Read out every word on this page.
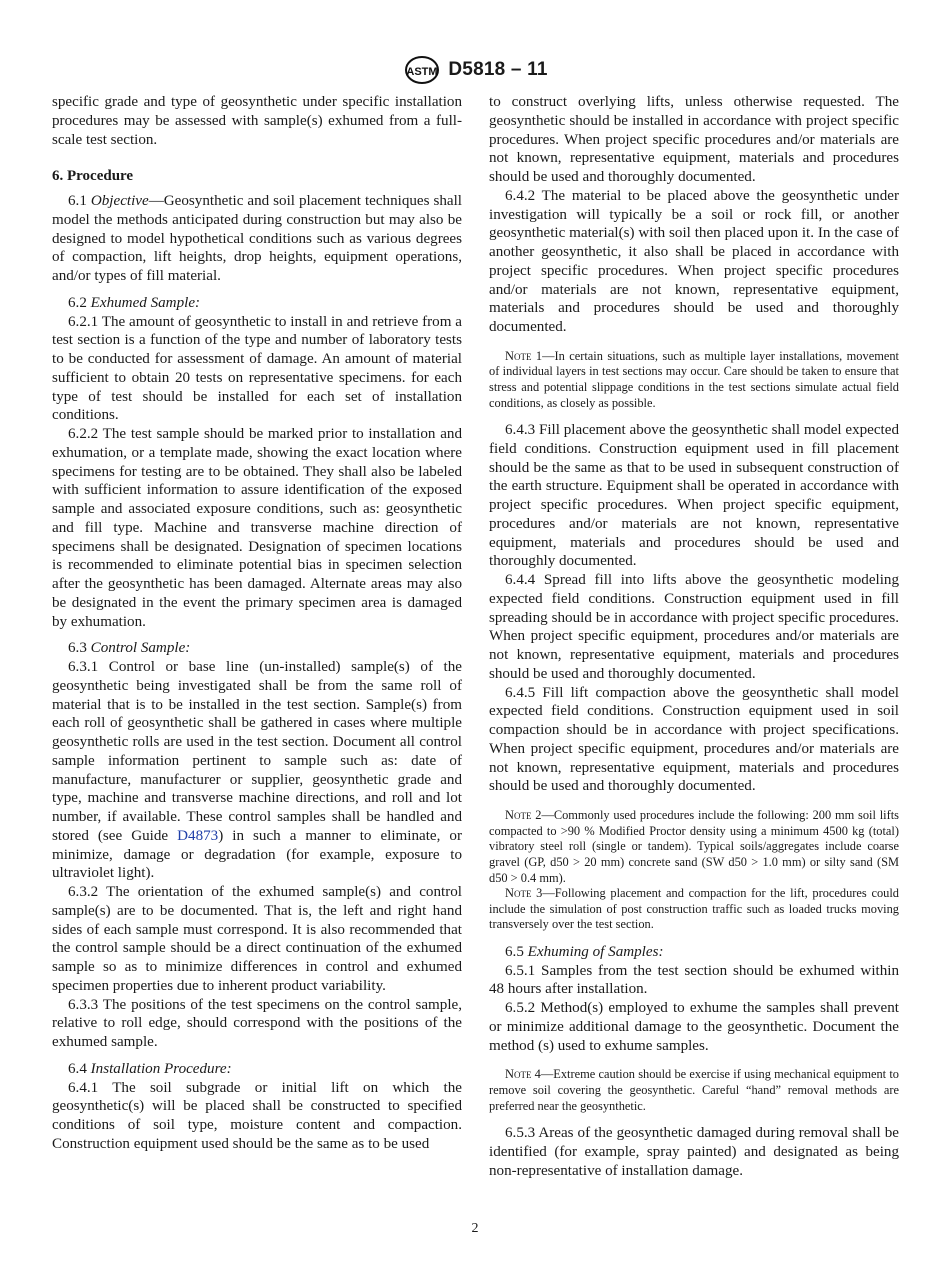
ASTM D5818 – 11

specific grade and type of geosynthetic under specific installation procedures may be assessed with sample(s) exhumed from a full-scale test section.

6. Procedure

6.1 Objective—Geosynthetic and soil placement techniques shall model the methods anticipated during construction but may also be designed to model hypothetical conditions such as various degrees of compaction, lift heights, drop heights, equipment operations, and/or types of fill material.

6.2 Exhumed Sample:

6.2.1 The amount of geosynthetic to install in and retrieve from a test section is a function of the type and number of laboratory tests to be conducted for assessment of damage. An amount of material sufficient to obtain 20 tests on representative specimens. for each type of test should be installed for each set of installation conditions.

6.2.2 The test sample should be marked prior to installation and exhumation, or a template made, showing the exact location where specimens for testing are to be obtained. They shall also be labeled with sufficient information to assure identification of the exposed sample and associated exposure conditions, such as: geosynthetic and fill type. Machine and transverse machine direction of specimens shall be designated. Designation of specimen locations is recommended to eliminate potential bias in specimen selection after the geosynthetic has been damaged. Alternate areas may also be designated in the event the primary specimen area is damaged by exhumation.

6.3 Control Sample:

6.3.1 Control or base line (un-installed) sample(s) of the geosynthetic being investigated shall be from the same roll of material that is to be installed in the test section. Sample(s) from each roll of geosynthetic shall be gathered in cases where multiple geosynthetic rolls are used in the test section. Document all control sample information pertinent to sample such as: date of manufacture, manufacturer or supplier, geosynthetic grade and type, machine and transverse machine directions, and roll and lot number, if available. These control samples shall be handled and stored (see Guide D4873) in such a manner to eliminate, or minimize, damage or degradation (for example, exposure to ultraviolet light).

6.3.2 The orientation of the exhumed sample(s) and control sample(s) are to be documented. That is, the left and right hand sides of each sample must correspond. It is also recommended that the control sample should be a direct continuation of the exhumed sample so as to minimize differences in control and exhumed specimen properties due to inherent product variability.

6.3.3 The positions of the test specimens on the control sample, relative to roll edge, should correspond with the positions of the exhumed sample.

6.4 Installation Procedure:

6.4.1 The soil subgrade or initial lift on which the geosynthetic(s) will be placed shall be constructed to specified conditions of soil type, moisture content and compaction. Construction equipment used should be the same as to be used

to construct overlying lifts, unless otherwise requested. The geosynthetic should be installed in accordance with project specific procedures. When project specific procedures and/or materials are not known, representative equipment, materials and procedures should be used and thoroughly documented.

6.4.2 The material to be placed above the geosynthetic under investigation will typically be a soil or rock fill, or another geosynthetic material(s) with soil then placed upon it. In the case of another geosynthetic, it also shall be placed in accordance with project specific procedures. When project specific procedures and/or materials are not known, representative equipment, materials and procedures should be used and thoroughly documented.

Note 1—In certain situations, such as multiple layer installations, movement of individual layers in test sections may occur. Care should be taken to ensure that stress and potential slippage conditions in the test sections simulate actual field conditions, as closely as possible.

6.4.3 Fill placement above the geosynthetic shall model expected field conditions. Construction equipment used in fill placement should be the same as that to be used in subsequent construction of the earth structure. Equipment shall be operated in accordance with project specific procedures. When project specific equipment, procedures and/or materials are not known, representative equipment, materials and procedures should be used and thoroughly documented.

6.4.4 Spread fill into lifts above the geosynthetic modeling expected field conditions. Construction equipment used in fill spreading should be in accordance with project specific procedures. When project specific equipment, procedures and/or materials are not known, representative equipment, materials and procedures should be used and thoroughly documented.

6.4.5 Fill lift compaction above the geosynthetic shall model expected field conditions. Construction equipment used in soil compaction should be in accordance with project specifications. When project specific equipment, procedures and/or materials are not known, representative equipment, materials and procedures should be used and thoroughly documented.

Note 2—Commonly used procedures include the following: 200 mm soil lifts compacted to >90 % Modified Proctor density using a minimum 4500 kg (total) vibratory steel roll (single or tandem). Typical soils/aggregates include coarse gravel (GP, d50 > 20 mm) concrete sand (SW d50 > 1.0 mm) or silty sand (SM d50 > 0.4 mm).

Note 3—Following placement and compaction for the lift, procedures could include the simulation of post construction traffic such as loaded trucks moving transversely over the test section.

6.5 Exhuming of Samples:

6.5.1 Samples from the test section should be exhumed within 48 hours after installation.

6.5.2 Method(s) employed to exhume the samples shall prevent or minimize additional damage to the geosynthetic. Document the method (s) used to exhume samples.

Note 4—Extreme caution should be exercise if using mechanical equipment to remove soil covering the geosynthetic. Careful “hand” removal methods are preferred near the geosynthetic.

6.5.3 Areas of the geosynthetic damaged during removal shall be identified (for example, spray painted) and designated as being non-representative of installation damage.

2
